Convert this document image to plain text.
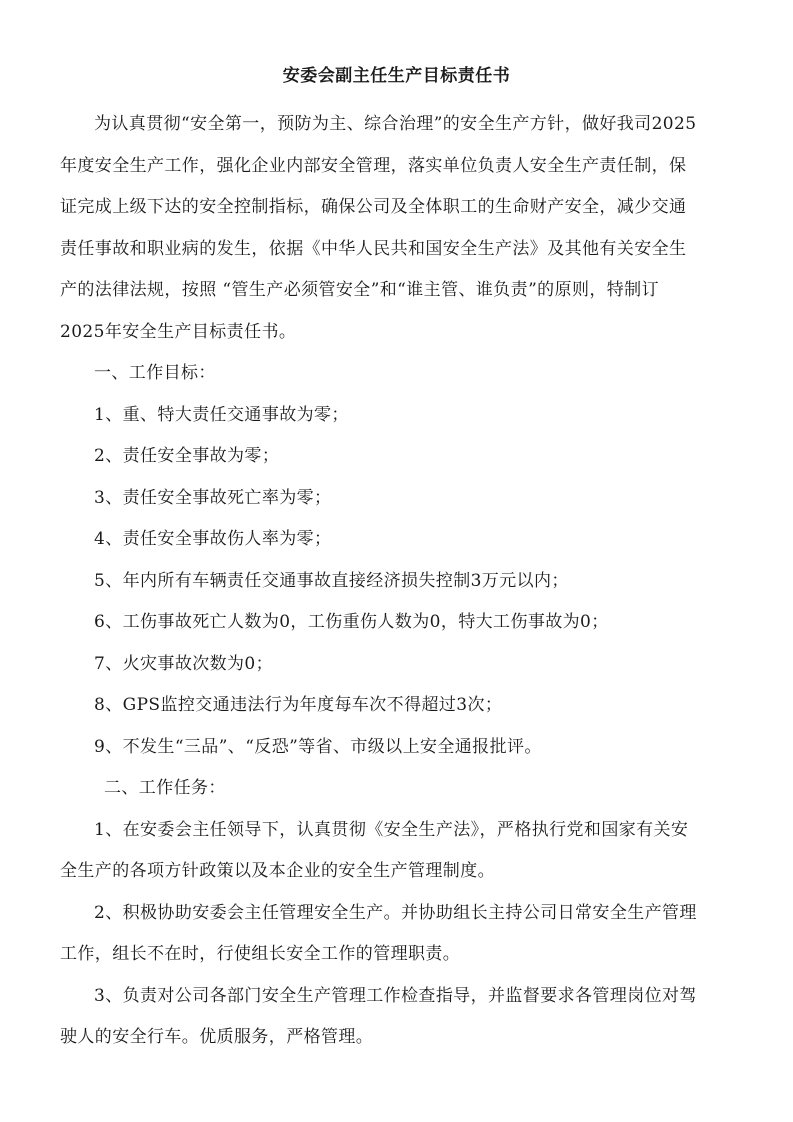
安委会副主任生产目标责任书
为认真贯彻“安全第一，预防为主、综合治理”的安全生产方针，做好我司2025
年度安全生产工作，强化企业内部安全管理，落实单位负责人安全生产责任制，保
证完成上级下达的安全控制指标，确保公司及全体职工的生命财产安全，减少交通
责任事故和职业病的发生，依据《中华人民共和国安全生产法》及其他有关安全生
产的法律法规，按照 “管生产必须管安全”和“谁主管、谁负责”的原则，特制订
2025年安全生产目标责任书。
一、工作目标：
1、重、特大责任交通事故为零；
2、责任安全事故为零；
3、责任安全事故死亡率为零；
4、责任安全事故伤人率为零；
5、年内所有车辆责任交通事故直接经济损失控制3万元以内；
6、工伤事故死亡人数为0，工伤重伤人数为0，特大工伤事故为0；
7、火灾事故次数为0；
8、GPS监控交通违法行为年度每车次不得超过3次；
9、不发生“三品”、“反恐”等省、市级以上安全通报批评。
二、工作任务：
1、在安委会主任领导下，认真贯彻《安全生产法》，严格执行党和国家有关安
全生产的各项方针政策以及本企业的安全生产管理制度。
2、积极协助安委会主任管理安全生产。并协助组长主持公司日常安全生产管理
工作，组长不在时，行使组长安全工作的管理职责。
3、负责对公司各部门安全生产管理工作检查指导，并监督要求各管理岗位对驾
驶人的安全行车。优质服务，严格管理。
